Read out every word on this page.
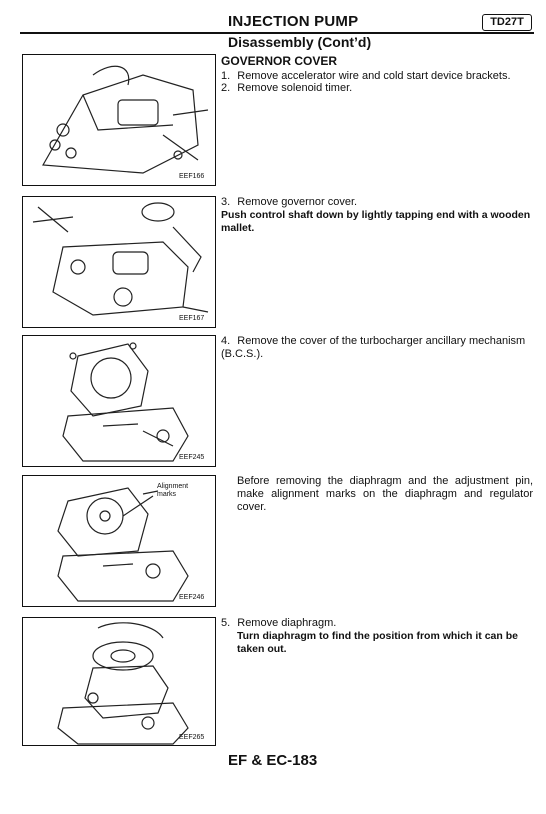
INJECTION PUMP	TD27T
Disassembly (Cont’d)
GOVERNOR COVER
1. Remove accelerator wire and cold start device brackets.
2. Remove solenoid timer.
3. Remove governor cover.
Push control shaft down by lightly tapping end with a wooden mallet.
4. Remove the cover of the turbocharger ancillary mechanism (B.C.S.).
Before removing the diaphragm and the adjustment pin, make alignment marks on the diaphragm and regulator cover.
5. Remove diaphragm.
Turn diaphragm to find the position from which it can be taken out.
EEF166
EEF167
EEF245
Alignment marks
EEF246
EEF265
EF & EC-183
